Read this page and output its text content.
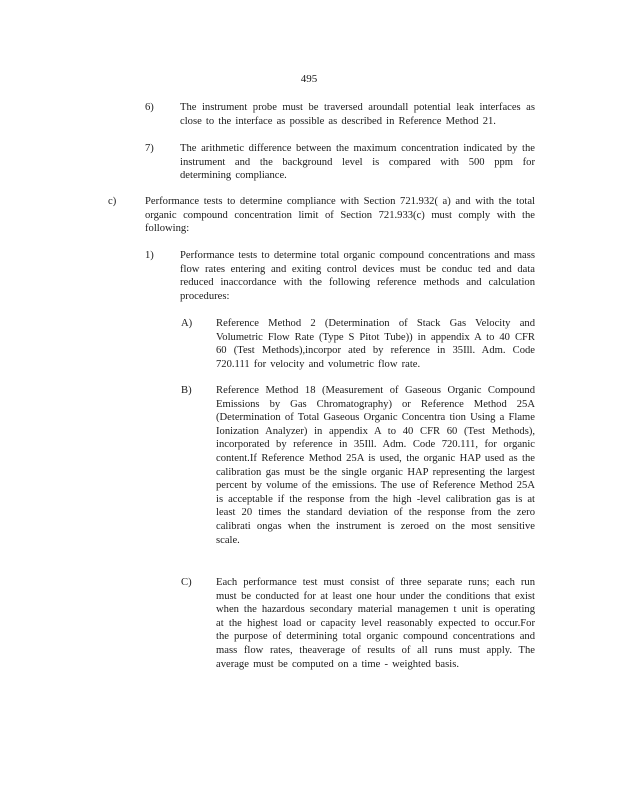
495
6) The instrument probe must be traversed aroundall potential leak interfaces as close to the interface as possible as described in Reference Method 21.
7) The arithmetic difference between the maximum concentration indicated by the instrument and the background level is compared with 500 ppm for determining compliance.
c)	Performance tests to determine compliance with Section 721.932( a) and with the total organic compound concentration limit of Section 721.933(c) must comply with the following:
1) Performance tests to determine total organic compound concentrations and mass flow rates entering and exiting control devices must be conduc ted and data reduced inaccordance with the following reference methods and calculation procedures:
A) Reference Method 2 (Determination of Stack Gas Velocity and Volumetric Flow Rate (Type S Pitot Tube)) in appendix A to 40 CFR 60 (Test Methods),incorpor ated by reference in 35Ill. Adm. Code 720.111 for velocity and volumetric flow rate.
B) Reference Method 18 (Measurement of Gaseous Organic Compound Emissions by Gas Chromatography) or Reference Method 25A (Determination of Total Gaseous Organic Concentra tion Using a Flame Ionization Analyzer) in appendix A to 40 CFR 60 (Test Methods), incorporated by reference in 35Ill. Adm. Code 720.111, for organic content.If Reference Method 25A is used, the organic HAP used as the calibration gas must be the single organic HAP representing the largest percent by volume of the emissions. The use of Reference Method 25A is acceptable if the response from the high -level calibration gas is at least 20 times the standard deviation of the response from the zero calibrati ongas when the instrument is zeroed on the most sensitive scale.
C) Each performance test must consist of three separate runs; each run must be conducted for at least one hour under the conditions that exist when the hazardous secondary material managemen t unit is operating at the highest load or capacity level reasonably expected to occur.For the purpose of determining total organic compound concentrations and mass flow rates, theaverage of results of all runs must apply. The average must be computed on a time - weighted basis.
